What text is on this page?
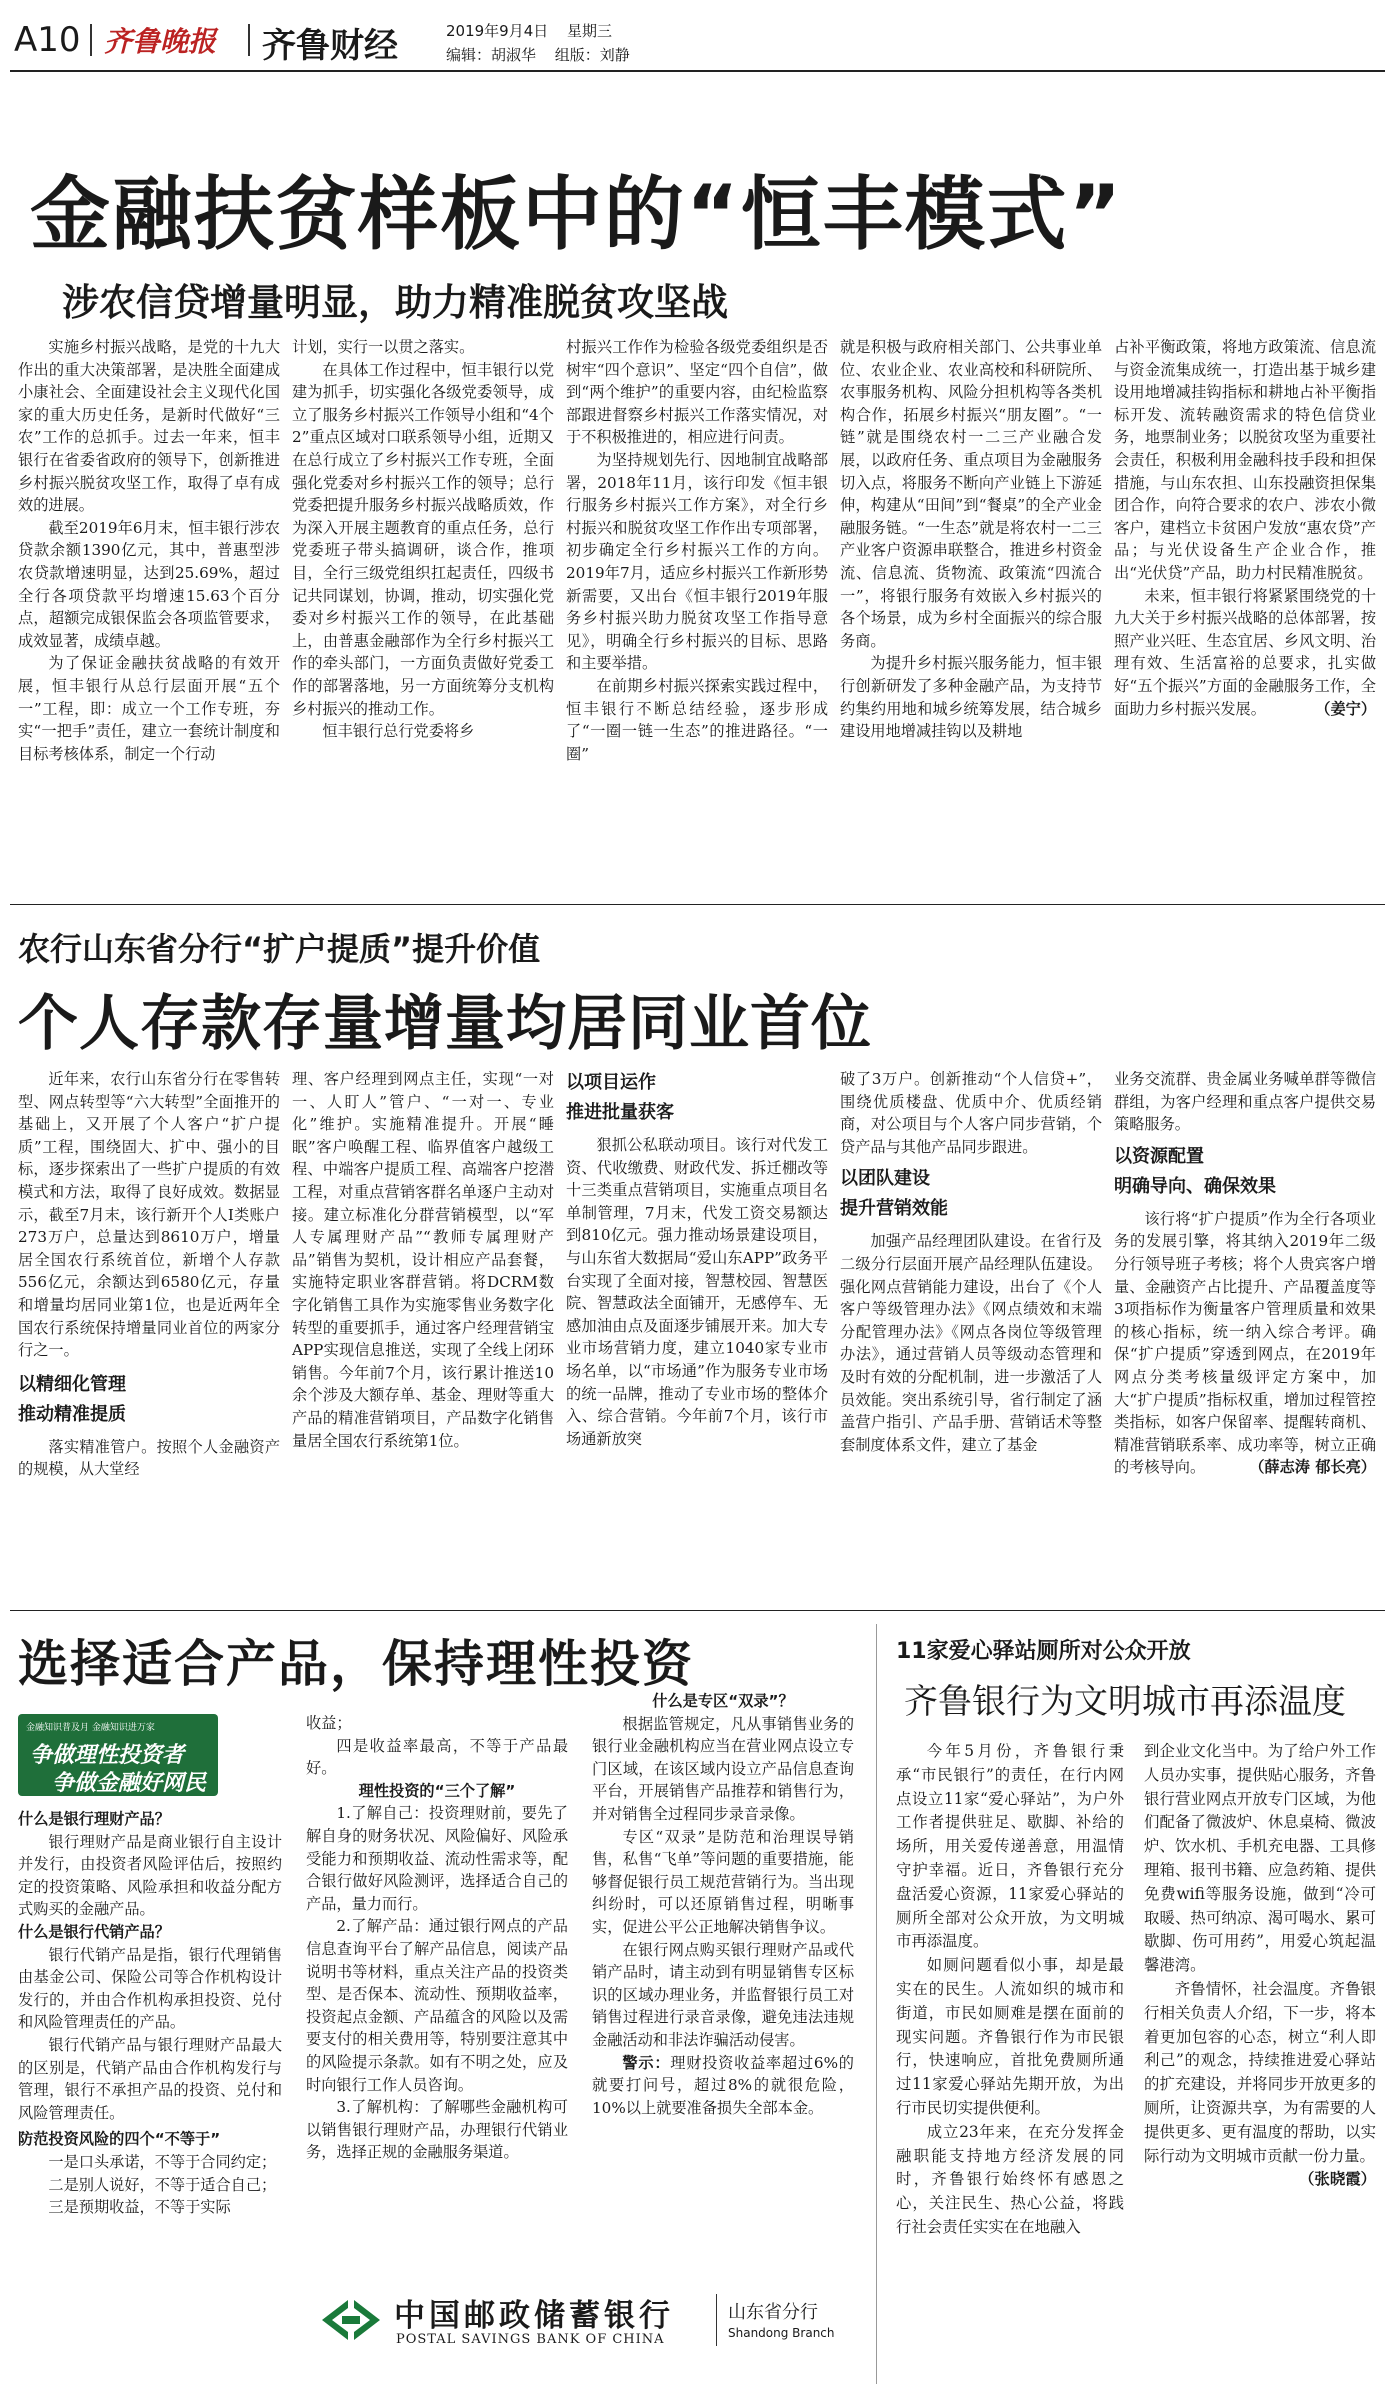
A10 齐鲁晚报 齐鲁财经	2019年9月4日 星期三
编辑：胡淑华 组版：刘静
金融扶贫样板中的“恒丰模式”
涉农信贷增量明显，助力精准脱贫攻坚战

实施乡村振兴战略，是党的十九大作出的重大决策部署，是决胜全面建成小康社会、全面建设社会主义现代化国家的重大历史任务，是新时代做好“三农”工作的总抓手。过去一年来，恒丰银行在省委省政府的领导下，创新推进乡村振兴脱贫攻坚工作，取得了卓有成效的进展。

截至2019年6月末，恒丰银行涉农贷款余额1390亿元，其中，普惠型涉农贷款增速明显，达到25.69%，超过全行各项贷款平均增速15.63个百分点，超额完成银保监会各项监管要求，成效显著，成绩卓越。

为了保证金融扶贫战略的有效开展，恒丰银行从总行层面开展“五个一”工程，即：成立一个工作专班，夯实“一把手”责任，建立一套统计制度和目标考核体系，制定一个行动

计划，实行一以贯之落实。

在具体工作过程中，恒丰银行以党建为抓手，切实强化各级党委领导，成立了服务乡村振兴工作领导小组和“4个2”重点区域对口联系领导小组，近期又在总行成立了乡村振兴工作专班，全面强化党委对乡村振兴工作的领导；总行党委把提升服务乡村振兴战略质效，作为深入开展主题教育的重点任务，总行党委班子带头搞调研，谈合作，推项目，全行三级党组织扛起责任，四级书记共同谋划，协调，推动，切实强化党委对乡村振兴工作的领导，在此基础上，由普惠金融部作为全行乡村振兴工作的牵头部门，一方面负责做好党委工作的部署落地，另一方面统筹分支机构乡村振兴的推动工作。

恒丰银行总行党委将乡

村振兴工作作为检验各级党委组织是否树牢“四个意识”、坚定“四个自信”，做到“两个维护”的重要内容，由纪检监察部跟进督察乡村振兴工作落实情况，对于不积极推进的，相应进行问责。

为坚持规划先行、因地制宜战略部署，2018年11月，该行印发《恒丰银行服务乡村振兴工作方案》，对全行乡村振兴和脱贫攻坚工作作出专项部署，初步确定全行乡村振兴工作的方向。2019年7月，适应乡村振兴工作新形势新需要，又出台《恒丰银行2019年服务乡村振兴助力脱贫攻坚工作指导意见》，明确全行乡村振兴的目标、思路和主要举措。

在前期乡村振兴探索实践过程中，恒丰银行不断总结经验，逐步形成了“一圈一链一生态”的推进路径。“一圈”

就是积极与政府相关部门、公共事业单位、农业企业、农业高校和科研院所、农事服务机构、风险分担机构等各类机构合作，拓展乡村振兴“朋友圈”。“一链”就是围绕农村一二三产业融合发展，以政府任务、重点项目为金融服务切入点，将服务不断向产业链上下游延伸，构建从“田间”到“餐桌”的全产业金融服务链。“一生态”就是将农村一二三产业客户资源串联整合，推进乡村资金流、信息流、货物流、政策流“四流合一”，将银行服务有效嵌入乡村振兴的各个场景，成为乡村全面振兴的综合服务商。

为提升乡村振兴服务能力，恒丰银行创新研发了多种金融产品，为支持节约集约用地和城乡统筹发展，结合城乡建设用地增减挂钩以及耕地

占补平衡政策，将地方政策流、信息流与资金流集成统一，打造出基于城乡建设用地增减挂钩指标和耕地占补平衡指标开发、流转融资需求的特色信贷业务，地票制业务；以脱贫攻坚为重要社会责任，积极利用金融科技手段和担保措施，与山东农担、山东投融资担保集团合作，向符合要求的农户、涉农小微客户，建档立卡贫困户发放“惠农贷”产品；与光伏设备生产企业合作，推出“光伏贷”产品，助力村民精准脱贫。

未来，恒丰银行将紧紧围绕党的十九大关于乡村振兴战略的总体部署，按照产业兴旺、生态宜居、乡风文明、治理有效、生活富裕的总要求，扎实做好“五个振兴”方面的金融服务工作，全面助力乡村振兴发展。	（姜宁）

农行山东省分行“扩户提质”提升价值
个人存款存量增量均居同业首位

近年来，农行山东省分行在零售转型、网点转型等“六大转型”全面推开的基础上，又开展了个人客户“扩户提质”工程，围绕固大、扩中、强小的目标，逐步探索出了一些扩户提质的有效模式和方法，取得了良好成效。数据显示，截至7月末，该行新开个人I类账户273万户，总量达到8610万户，增量居全国农行系统首位，新增个人存款556亿元，余额达到6580亿元，存量和增量均居同业第1位，也是近两年全国农行系统保持增量同业首位的两家分行之一。

以精细化管理
推动精准提质

落实精准管户。按照个人金融资产的规模，从大堂经

理、客户经理到网点主任，实现“一对一、人盯人”管户、“一对一、专业化”维护。实施精准提升。开展“睡眠”客户唤醒工程、临界值客户越级工程、中端客户提质工程、高端客户挖潜工程，对重点营销客群名单逐户主动对接。建立标准化分群营销模型，以“军人专属理财产品”“教师专属理财产品”销售为契机，设计相应产品套餐，实施特定职业客群营销。将DCRM数字化销售工具作为实施零售业务数字化转型的重要抓手，通过客户经理营销宝APP实现信息推送，实现了全线上闭环销售。今年前7个月，该行累计推送10余个涉及大额存单、基金、理财等重大产品的精准营销项目，产品数字化销售量居全国农行系统第1位。

以项目运作
推进批量获客

狠抓公私联动项目。该行对代发工资、代收缴费、财政代发、拆迁棚改等十三类重点营销项目，实施重点项目名单制管理，7月末，代发工资交易额达到810亿元。强力推动场景建设项目，与山东省大数据局“爱山东APP”政务平台实现了全面对接，智慧校园、智慧医院、智慧政法全面铺开，无感停车、无感加油由点及面逐步铺展开来。加大专业市场营销力度，建立1040家专业市场名单，以“市场通”作为服务专业市场的统一品牌，推动了专业市场的整体介入、综合营销。今年前7个月，该行市场通新放突

破了3万户。创新推动“个人信贷+”，围绕优质楼盘、优质中介、优质经销商，对公项目与个人客户同步营销，个贷产品与其他产品同步跟进。

以团队建设
提升营销效能

加强产品经理团队建设。在省行及二级分行层面开展产品经理队伍建设。强化网点营销能力建设，出台了《个人客户等级管理办法》《网点绩效和末端分配管理办法》《网点各岗位等级管理办法》，通过营销人员等级动态管理和及时有效的分配机制，进一步激活了人员效能。突出系统引导，省行制定了涵盖营户指引、产品手册、营销话术等整套制度体系文件，建立了基金

业务交流群、贵金属业务喊单群等微信群组，为客户经理和重点客户提供交易策略服务。

以资源配置
明确导向、确保效果

该行将“扩户提质”作为全行各项业务的发展引擎，将其纳入2019年二级分行领导班子考核；将个人贵宾客户增量、金融资产占比提升、产品覆盖度等3项指标作为衡量客户管理质量和效果的核心指标，统一纳入综合考评。确保“扩户提质”穿透到网点，在2019年网点分类考核量级评定方案中，加大“扩户提质”指标权重，增加过程管控类指标，如客户保留率、提醒转商机、精准营销联系率、成功率等，树立正确的考核导向。	（薛志涛 郁长亮）

选择适合产品，保持理性投资
金融知识普及月 金融知识进万家
争做理性投资者
争做金融好网民

什么是银行理财产品？

银行理财产品是商业银行自主设计并发行，由投资者风险评估后，按照约定的投资策略、风险承担和收益分配方式购买的金融产品。

什么是银行代销产品？

银行代销产品是指，银行代理销售由基金公司、保险公司等合作机构设计发行的，并由合作机构承担投资、兑付和风险管理责任的产品。

银行代销产品与银行理财产品最大的区别是，代销产品由合作机构发行与管理，银行不承担产品的投资、兑付和风险管理责任。

防范投资风险的四个“不等于”

一是口头承诺，不等于合同约定；

二是别人说好，不等于适合自己；

三是预期收益，不等于实际

收益；

四是收益率最高，不等于产品最好。

理性投资的“三个了解”

1.了解自己：投资理财前，要先了解自身的财务状况、风险偏好、风险承受能力和预期收益、流动性需求等，配合银行做好风险测评，选择适合自己的产品，量力而行。

2.了解产品：通过银行网点的产品信息查询平台了解产品信息，阅读产品说明书等材料，重点关注产品的投资类型、是否保本、流动性、预期收益率，投资起点金额、产品蕴含的风险以及需要支付的相关费用等，特别要注意其中的风险提示条款。如有不明之处，应及时向银行工作人员咨询。

3.了解机构：了解哪些金融机构可以销售银行理财产品，办理银行代销业务，选择正规的金融服务渠道。

什么是专区“双录”？

根据监管规定，凡从事销售业务的银行业金融机构应当在营业网点设立专门区域，在该区域内设立产品信息查询平台，开展销售产品推荐和销售行为，并对销售全过程同步录音录像。

专区“双录”是防范和治理误导销售，私售“飞单”等问题的重要措施，能够督促银行员工规范营销行为。当出现纠纷时，可以还原销售过程，明晰事实，促进公平公正地解决销售争议。

在银行网点购买银行理财产品或代销产品时，请主动到有明显销售专区标识的区域办理业务，并监督银行员工对销售过程进行录音录像，避免违法违规金融活动和非法诈骗活动侵害。

警示：理财投资收益率超过6%的就要打问号，超过8%的就很危险，10%以上就要准备损失全部本金。

中国邮政储蓄银行
POSTAL SAVINGS BANK OF CHINA
山东省分行
Shandong Branch
11家爱心驿站厕所对公众开放
齐鲁银行为文明城市再添温度

今年5月份，齐鲁银行秉承“市民银行”的责任，在行内网点设立11家“爱心驿站”，为户外工作者提供驻足、歇脚、补给的场所，用关爱传递善意，用温情守护幸福。近日，齐鲁银行充分盘活爱心资源，11家爱心驿站的厕所全部对公众开放，为文明城市再添温度。

如厕问题看似小事，却是最实在的民生。人流如织的城市和街道，市民如厕难是摆在面前的现实问题。齐鲁银行作为市民银行，快速响应，首批免费厕所通过11家爱心驿站先期开放，为出行市民切实提供便利。

成立23年来，在充分发挥金融职能支持地方经济发展的同时，齐鲁银行始终怀有感恩之心，关注民生、热心公益，将践行社会责任实实在在地融入

到企业文化当中。为了给户外工作人员办实事，提供贴心服务，齐鲁银行营业网点开放专门区域，为他们配备了微波炉、休息桌椅、微波炉、饮水机、手机充电器、工具修理箱、报刊书籍、应急药箱、提供免费wifi等服务设施，做到“冷可取暖、热可纳凉、渴可喝水、累可歇脚、伤可用药”，用爱心筑起温馨港湾。

齐鲁情怀，社会温度。齐鲁银行相关负责人介绍，下一步，将本着更加包容的心态，树立“利人即利己”的观念，持续推进爱心驿站的扩充建设，并将同步开放更多的厕所，让资源共享，为有需要的人提供更多、更有温度的帮助，以实际行动为文明城市贡献一份力量。

（张晓霞）
